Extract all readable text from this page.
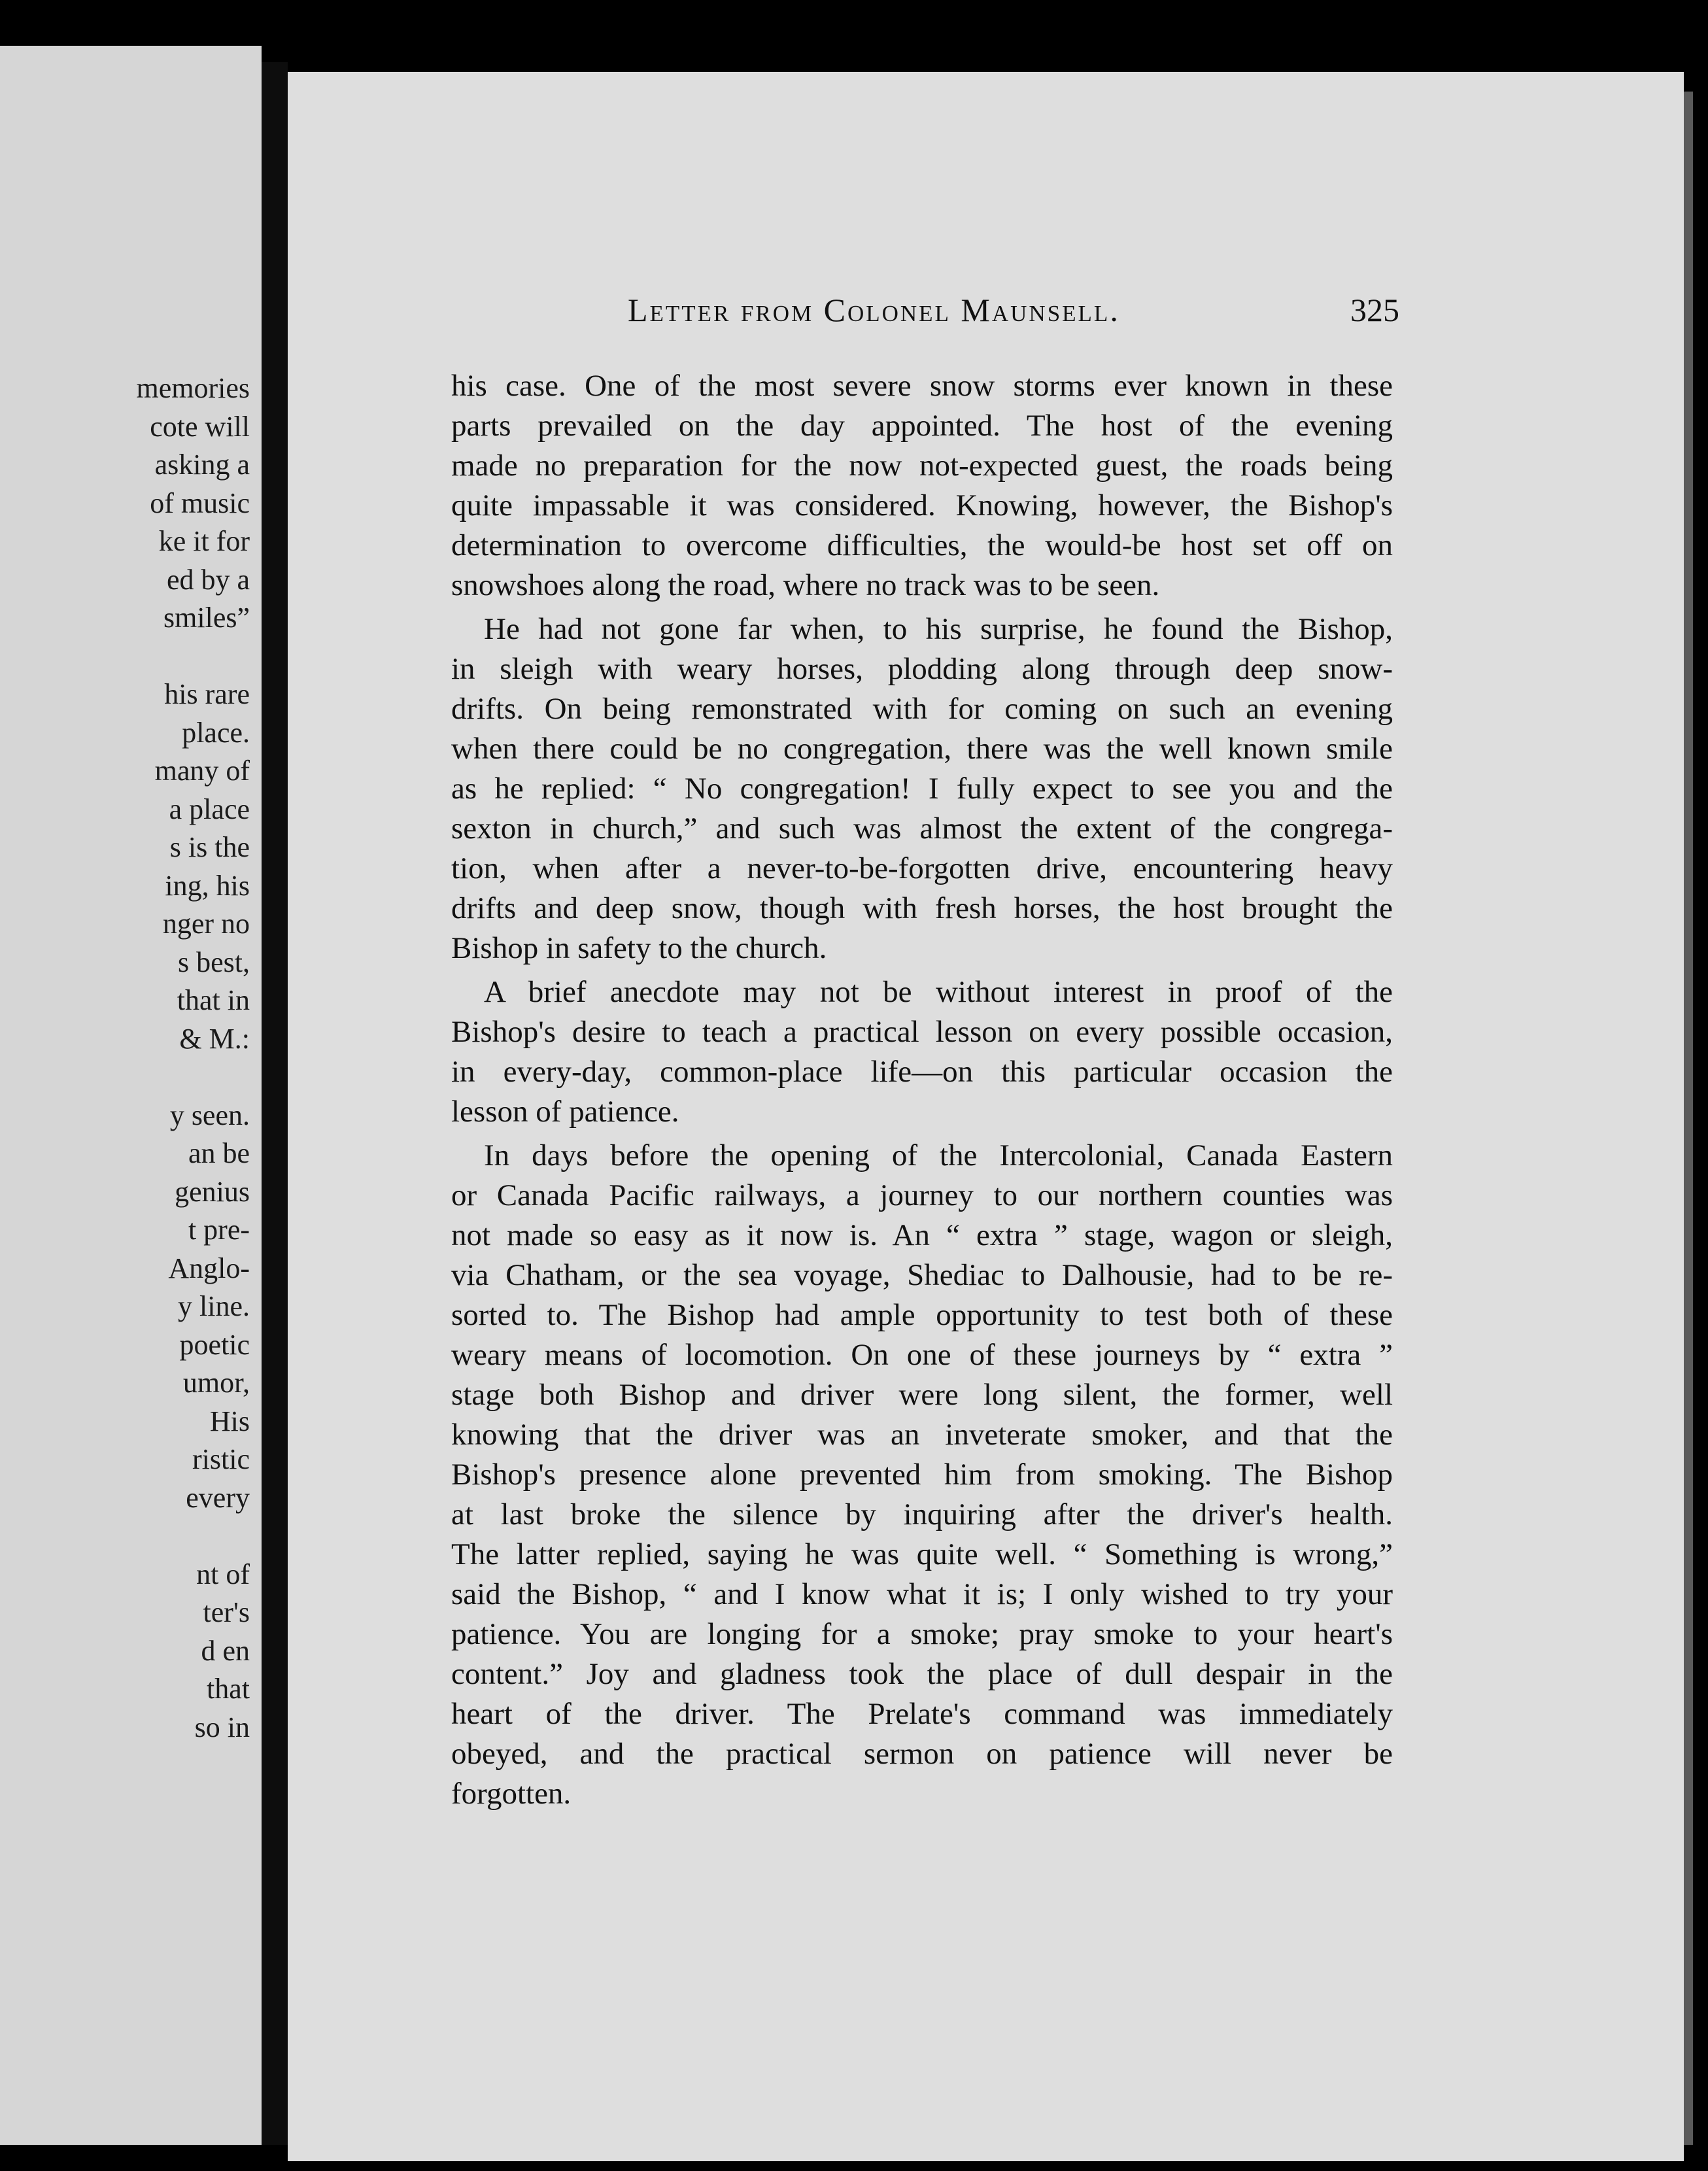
memories
cote will
asking a
of music
ke it for
ed by a
smiles”
his rare
place.
many of
a place
s is the
ing, his
nger no
s best,
that in
& M.:
y seen.
an be
genius
t pre-
Anglo-
y line.
poetic
umor,
His
ristic
every
nt of
ter's
d en
that
so in
Letter from Colonel Maunsell.	325
his case. One of the most severe snow storms ever known in these
parts prevailed on the day appointed. The host of the evening
made no preparation for the now not-expected guest, the roads being
quite impassable it was considered. Knowing, however, the Bishop's
determination to overcome difficulties, the would-be host set off on
snowshoes along the road, where no track was to be seen.
He had not gone far when, to his surprise, he found the Bishop,
in sleigh with weary horses, plodding along through deep snow-
drifts. On being remonstrated with for coming on such an evening
when there could be no congregation, there was the well known smile
as he replied: “ No congregation! I fully expect to see you and the
sexton in church,” and such was almost the extent of the congrega-
tion, when after a never-to-be-forgotten drive, encountering heavy
drifts and deep snow, though with fresh horses, the host brought the
Bishop in safety to the church.
A brief anecdote may not be without interest in proof of the
Bishop's desire to teach a practical lesson on every possible occasion,
in every-day, common-place life—on this particular occasion the
lesson of patience.
In days before the opening of the Intercolonial, Canada Eastern
or Canada Pacific railways, a journey to our northern counties was
not made so easy as it now is. An “ extra ” stage, wagon or sleigh,
via Chatham, or the sea voyage, Shediac to Dalhousie, had to be re-
sorted to. The Bishop had ample opportunity to test both of these
weary means of locomotion. On one of these journeys by “ extra ”
stage both Bishop and driver were long silent, the former, well
knowing that the driver was an inveterate smoker, and that the
Bishop's presence alone prevented him from smoking. The Bishop
at last broke the silence by inquiring after the driver's health.
The latter replied, saying he was quite well. “ Something is wrong,”
said the Bishop, “ and I know what it is; I only wished to try your
patience. You are longing for a smoke; pray smoke to your heart's
content.” Joy and gladness took the place of dull despair in the
heart of the driver. The Prelate's command was immediately
obeyed, and the practical sermon on patience will never be
forgotten.
